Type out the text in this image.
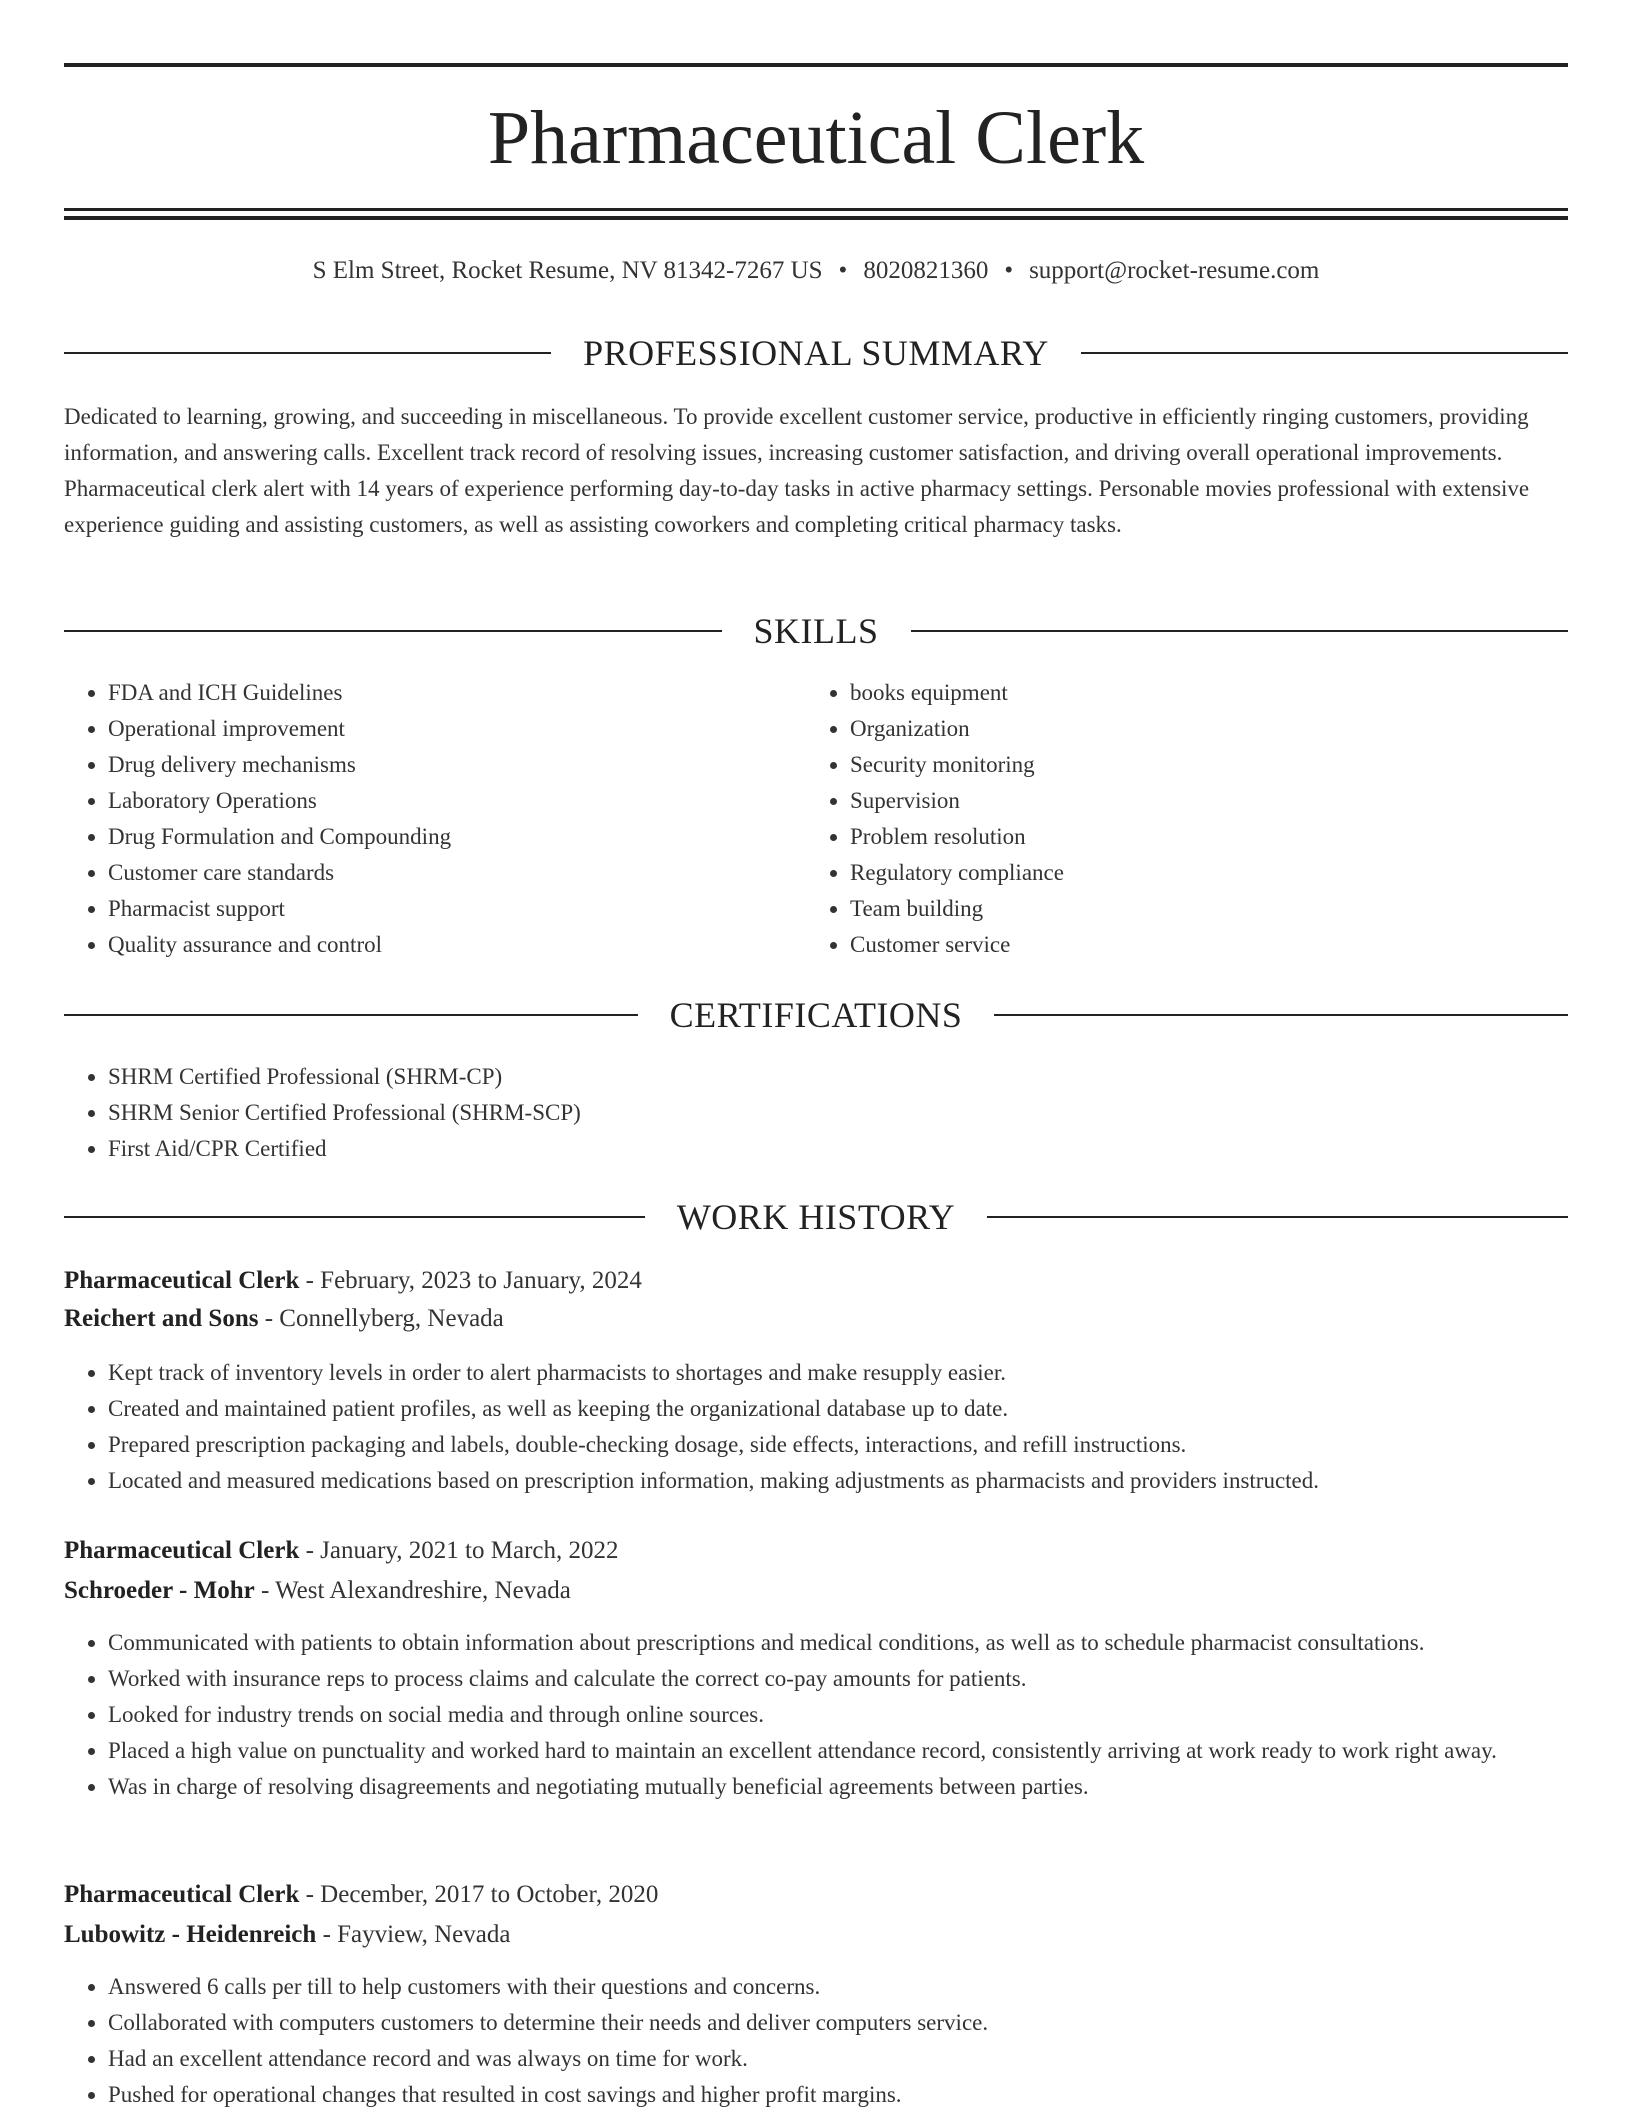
Pharmaceutical Clerk
S Elm Street, Rocket Resume, NV 81342-7267 US • 8020821360 • support@rocket-resume.com
PROFESSIONAL SUMMARY

Dedicated to learning, growing, and succeeding in miscellaneous. To provide excellent customer service, productive in efficiently ringing customers, providing information, and answering calls. Excellent track record of resolving issues, increasing customer satisfaction, and driving overall operational improvements. Pharmaceutical clerk alert with 14 years of experience performing day-to-day tasks in active pharmacy settings. Personable movies professional with extensive experience guiding and assisting customers, as well as assisting coworkers and completing critical pharmacy tasks.

SKILLS
• FDA and ICH Guidelines
• Operational improvement
• Drug delivery mechanisms
• Laboratory Operations
• Drug Formulation and Compounding
• Customer care standards
• Pharmacist support
• Quality assurance and control
• books equipment
• Organization
• Security monitoring
• Supervision
• Problem resolution
• Regulatory compliance
• Team building
• Customer service
CERTIFICATIONS
• SHRM Certified Professional (SHRM-CP)
• SHRM Senior Certified Professional (SHRM-SCP)
• First Aid/CPR Certified
WORK HISTORY
Pharmaceutical Clerk - February, 2023 to January, 2024
Reichert and Sons - Connellyberg, Nevada
• Kept track of inventory levels in order to alert pharmacists to shortages and make resupply easier.
• Created and maintained patient profiles, as well as keeping the organizational database up to date.
• Prepared prescription packaging and labels, double-checking dosage, side effects, interactions, and refill instructions.
• Located and measured medications based on prescription information, making adjustments as pharmacists and providers instructed.
Pharmaceutical Clerk - January, 2021 to March, 2022
Schroeder - Mohr - West Alexandreshire, Nevada
• Communicated with patients to obtain information about prescriptions and medical conditions, as well as to schedule pharmacist consultations.
• Worked with insurance reps to process claims and calculate the correct co-pay amounts for patients.
• Looked for industry trends on social media and through online sources.
• Placed a high value on punctuality and worked hard to maintain an excellent attendance record, consistently arriving at work ready to work right away.
• Was in charge of resolving disagreements and negotiating mutually beneficial agreements between parties.
Pharmaceutical Clerk - December, 2017 to October, 2020
Lubowitz - Heidenreich - Fayview, Nevada
• Answered 6 calls per till to help customers with their questions and concerns.
• Collaborated with computers customers to determine their needs and deliver computers service.
• Had an excellent attendance record and was always on time for work.
• Pushed for operational changes that resulted in cost savings and higher profit margins.
